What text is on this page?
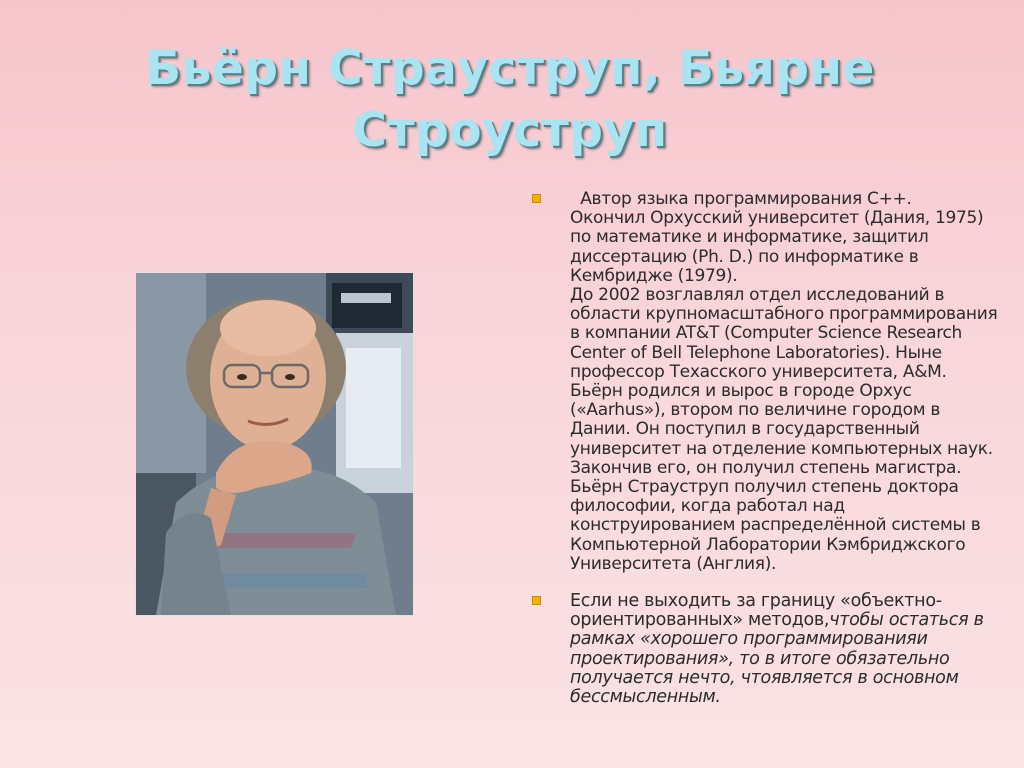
Бьёрн Страуструп, Бьярне
Строуструп

Автор языка программирования C++.

Окончил Орхусский университет (Дания, 1975) по математике и информатике, защитил диссертацию (Ph. D.) по информатике в Кембридже (1979).

До 2002 возглавлял отдел исследований в области крупномасштабного программирования в компании AT&T (Computer Science Research Center of Bell Telephone Laboratories). Ныне профессор Техасского университета, A&M.

Бьёрн родился и вырос в городе Орхус («Aarhus»), втором по величине городом в Дании. Он поступил в государственный университет на отделение компьютерных наук. Закончив его, он получил степень магистра.

Бьёрн Страуструп получил степень доктора философии, когда работал над конструированием распределённой системы в Компьютерной Лаборатории Кэмбриджского Университета (Англия).

Если не выходить за границу «объектно-ориентированных» методов,чтобы остаться в рамках «хорошего программированияи проектирования», то в итоге обязательно получается нечто, чтоявляется в основном бессмысленным.
